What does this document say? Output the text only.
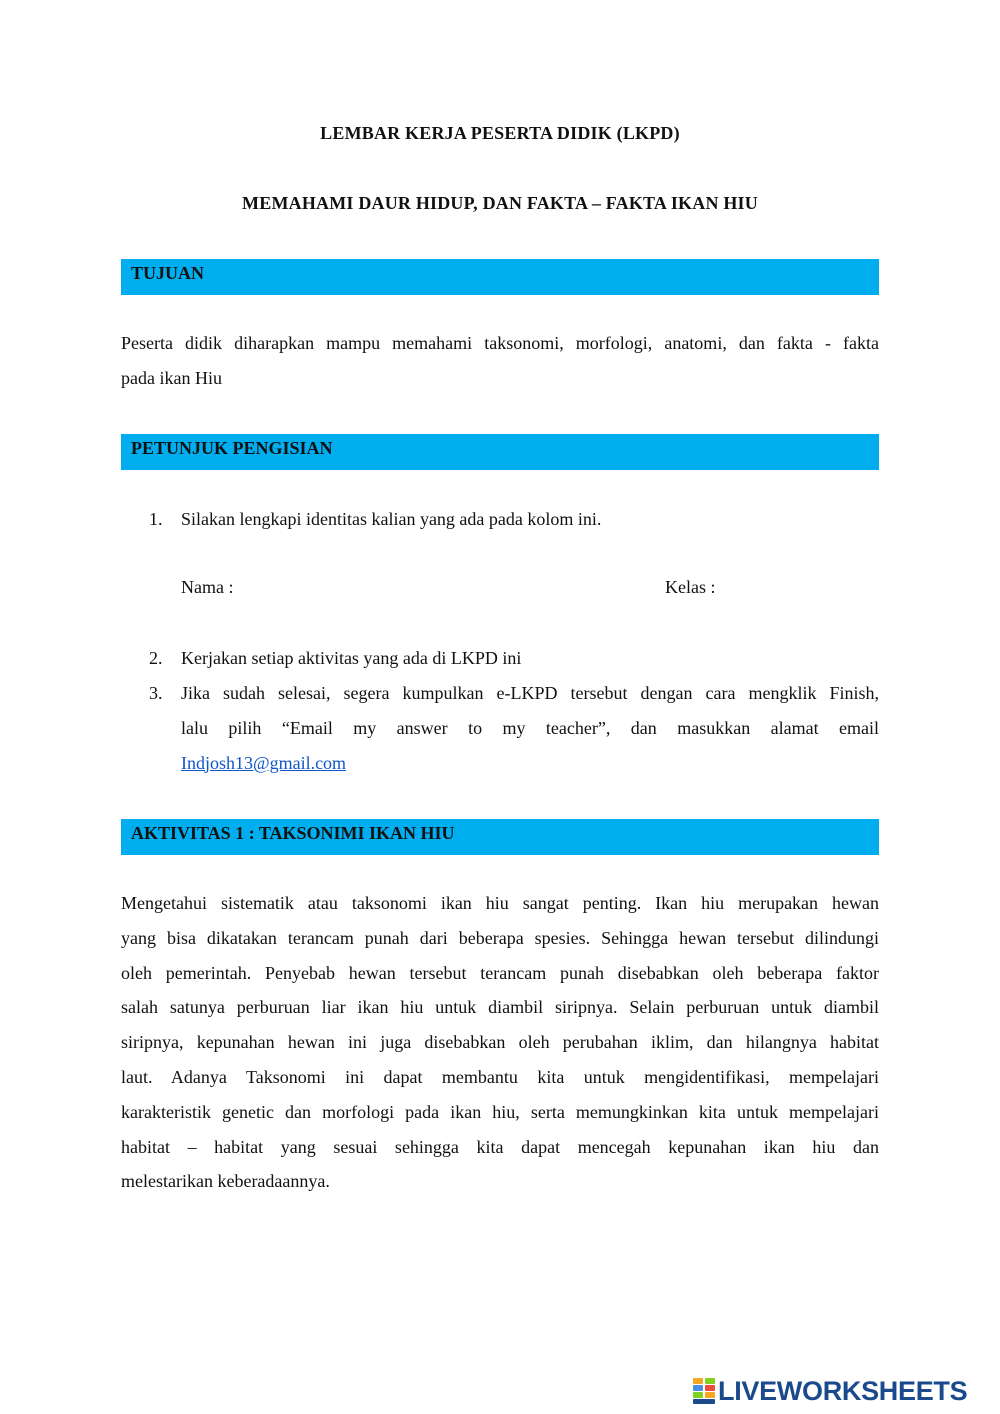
LEMBAR KERJA PESERTA DIDIK (LKPD)
MEMAHAMI DAUR HIDUP, DAN FAKTA – FAKTA IKAN HIU
TUJUAN
Peserta didik diharapkan mampu memahami taksonomi, morfologi, anatomi, dan fakta - fakta
pada ikan Hiu
PETUNJUK PENGISIAN
1. Silakan lengkapi identitas kalian yang ada pada kolom ini.
Nama :	Kelas :
2. Kerjakan setiap aktivitas yang ada di LKPD ini
3. Jika sudah selesai, segera kumpulkan e-LKPD tersebut dengan cara mengklik Finish,
lalu pilih “Email my answer to my teacher”, dan masukkan alamat email
Indjosh13@gmail.com
AKTIVITAS 1 : TAKSONIMI IKAN HIU
Mengetahui sistematik atau taksonomi ikan hiu sangat penting. Ikan hiu merupakan hewan
yang bisa dikatakan terancam punah dari beberapa spesies. Sehingga hewan tersebut dilindungi
oleh pemerintah. Penyebab hewan tersebut terancam punah disebabkan oleh beberapa faktor
salah satunya perburuan liar ikan hiu untuk diambil siripnya. Selain perburuan untuk diambil
siripnya, kepunahan hewan ini juga disebabkan oleh perubahan iklim, dan hilangnya habitat
laut. Adanya Taksonomi ini dapat membantu kita untuk mengidentifikasi, mempelajari
karakteristik genetic dan morfologi pada ikan hiu, serta memungkinkan kita untuk mempelajari
habitat – habitat yang sesuai sehingga kita dapat mencegah kepunahan ikan hiu dan
melestarikan keberadaannya.
LIVEWORKSHEETS
